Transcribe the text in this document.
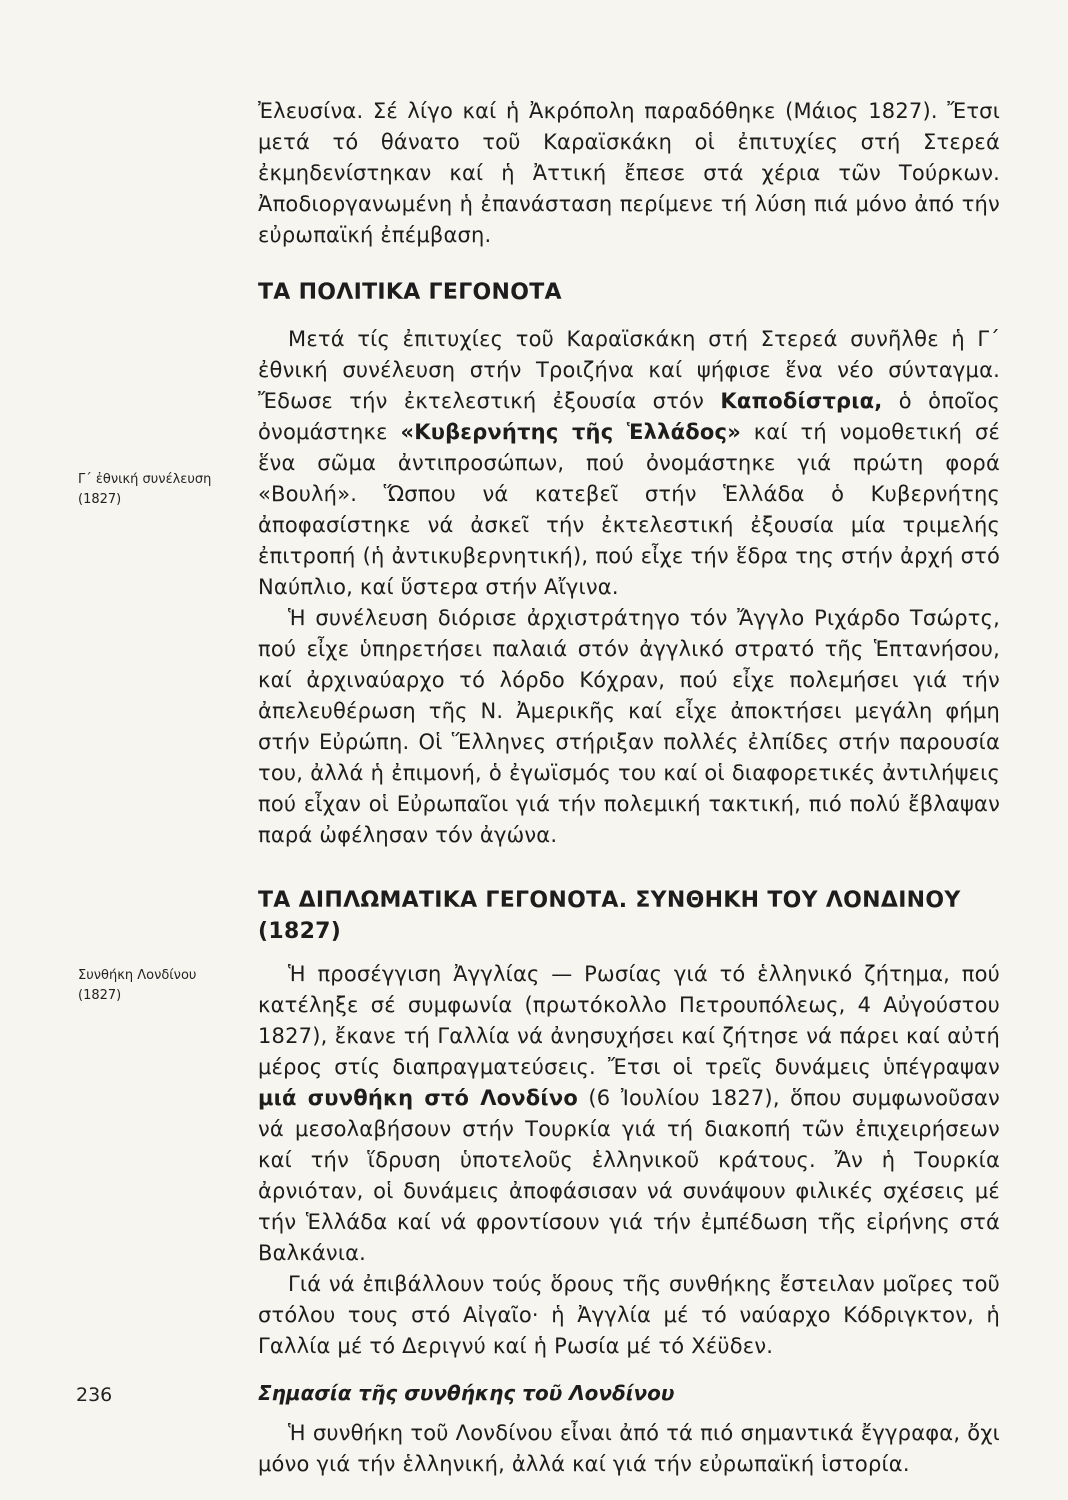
Γ΄ ἐθνική συνέλευση
(1827)
Συνθήκη Λονδίνου
(1827)

Ἐλευσίνα. Σέ λίγο καί ἡ Ἀκρόπολη παραδόθηκε (Μάιος 1827). Ἔτσι μετά τό θάνατο τοῦ Καραϊσκάκη οἱ ἐπιτυχίες στή Στερεά ἐκμηδενίστηκαν καί ἡ Ἀττική ἔπεσε στά χέρια τῶν Τούρκων. Ἀποδιοργανωμένη ἡ ἐπανάσταση περίμενε τή λύση πιά μόνο ἀπό τήν εὐρωπαϊκή ἐπέμβαση.

ΤΑ ΠΟΛΙΤΙΚΑ ΓΕΓΟΝΟΤΑ

Μετά τίς ἐπιτυχίες τοῦ Καραϊσκάκη στή Στερεά συνῆλθε ἡ Γ΄ ἐθνική συνέλευση στήν Τροιζήνα καί ψήφισε ἕνα νέο σύνταγμα. Ἔδωσε τήν ἐκτελεστική ἐξουσία στόν Καποδίστρια, ὁ ὁποῖος ὀνομάστηκε «Κυβερνήτης τῆς Ἑλλάδος» καί τή νομοθετική σέ ἕνα σῶμα ἀντιπροσώπων, πού ὀνομάστηκε γιά πρώτη φορά «Βουλή». Ὥσπου νά κατεβεῖ στήν Ἑλλάδα ὁ Κυβερνήτης ἀποφασίστηκε νά ἀσκεῖ τήν ἐκτελεστική ἐξουσία μία τριμελής ἐπιτροπή (ἡ ἀντικυβερνητική), πού εἶχε τήν ἕδρα της στήν ἀρχή στό Ναύπλιο, καί ὕστερα στήν Αἴγινα.

Ἡ συνέλευση διόρισε ἀρχιστράτηγο τόν Ἄγγλο Ριχάρδο Τσώρτς, πού εἶχε ὑπηρετήσει παλαιά στόν ἀγγλικό στρατό τῆς Ἑπτανήσου, καί ἀρχιναύαρχο τό λόρδο Κόχραν, πού εἶχε πολεμήσει γιά τήν ἀπελευθέρωση τῆς Ν. Ἀμερικῆς καί εἶχε ἀποκτήσει μεγάλη φήμη στήν Εὐρώπη. Οἱ Ἕλληνες στήριξαν πολλές ἐλπίδες στήν παρουσία του, ἀλλά ἡ ἐπιμονή, ὁ ἐγωϊσμός του καί οἱ διαφορετικές ἀντιλήψεις πού εἶχαν οἱ Εὐρωπαῖοι γιά τήν πολεμική τακτική, πιό πολύ ἔβλαψαν παρά ὠφέλησαν τόν ἀγώνα.

ΤΑ ΔΙΠΛΩΜΑΤΙΚΑ ΓΕΓΟΝΟΤΑ. ΣΥΝΘΗΚΗ ΤΟΥ ΛΟΝΔΙΝΟΥ (1827)

Ἡ προσέγγιση Ἀγγλίας — Ρωσίας γιά τό ἑλληνικό ζήτημα, πού κατέληξε σέ συμφωνία (πρωτόκολλο Πετρουπόλεως, 4 Αὐγούστου 1827), ἔκανε τή Γαλλία νά ἀνησυχήσει καί ζήτησε νά πάρει καί αὐτή μέρος στίς διαπραγματεύσεις. Ἔτσι οἱ τρεῖς δυνάμεις ὑπέγραψαν μιά συνθήκη στό Λονδίνο (6 Ἰουλίου 1827), ὅπου συμφωνοῦσαν νά μεσολαβήσουν στήν Τουρκία γιά τή διακοπή τῶν ἐπιχειρήσεων καί τήν ἵδρυση ὑποτελοῦς ἑλληνικοῦ κράτους. Ἄν ἡ Τουρκία ἀρνιόταν, οἱ δυνάμεις ἀποφάσισαν νά συνάψουν φιλικές σχέσεις μέ τήν Ἑλλάδα καί νά φροντίσουν γιά τήν ἐμπέδωση τῆς εἰρήνης στά Βαλκάνια.

Γιά νά ἐπιβάλλουν τούς ὅρους τῆς συνθήκης ἔστειλαν μοῖρες τοῦ στόλου τους στό Αἰγαῖο· ἡ Ἀγγλία μέ τό ναύαρχο Κόδριγκτον, ἡ Γαλλία μέ τό Δεριγνύ καί ἡ Ρωσία μέ τό Χέϋδεν.

Σημασία τῆς συνθήκης τοῦ Λονδίνου

Ἡ συνθήκη τοῦ Λονδίνου εἶναι ἀπό τά πιό σημαντικά ἔγγραφα, ὄχι μόνο γιά τήν ἑλληνική, ἀλλά καί γιά τήν εὐρωπαϊκή ἱστορία.

236
